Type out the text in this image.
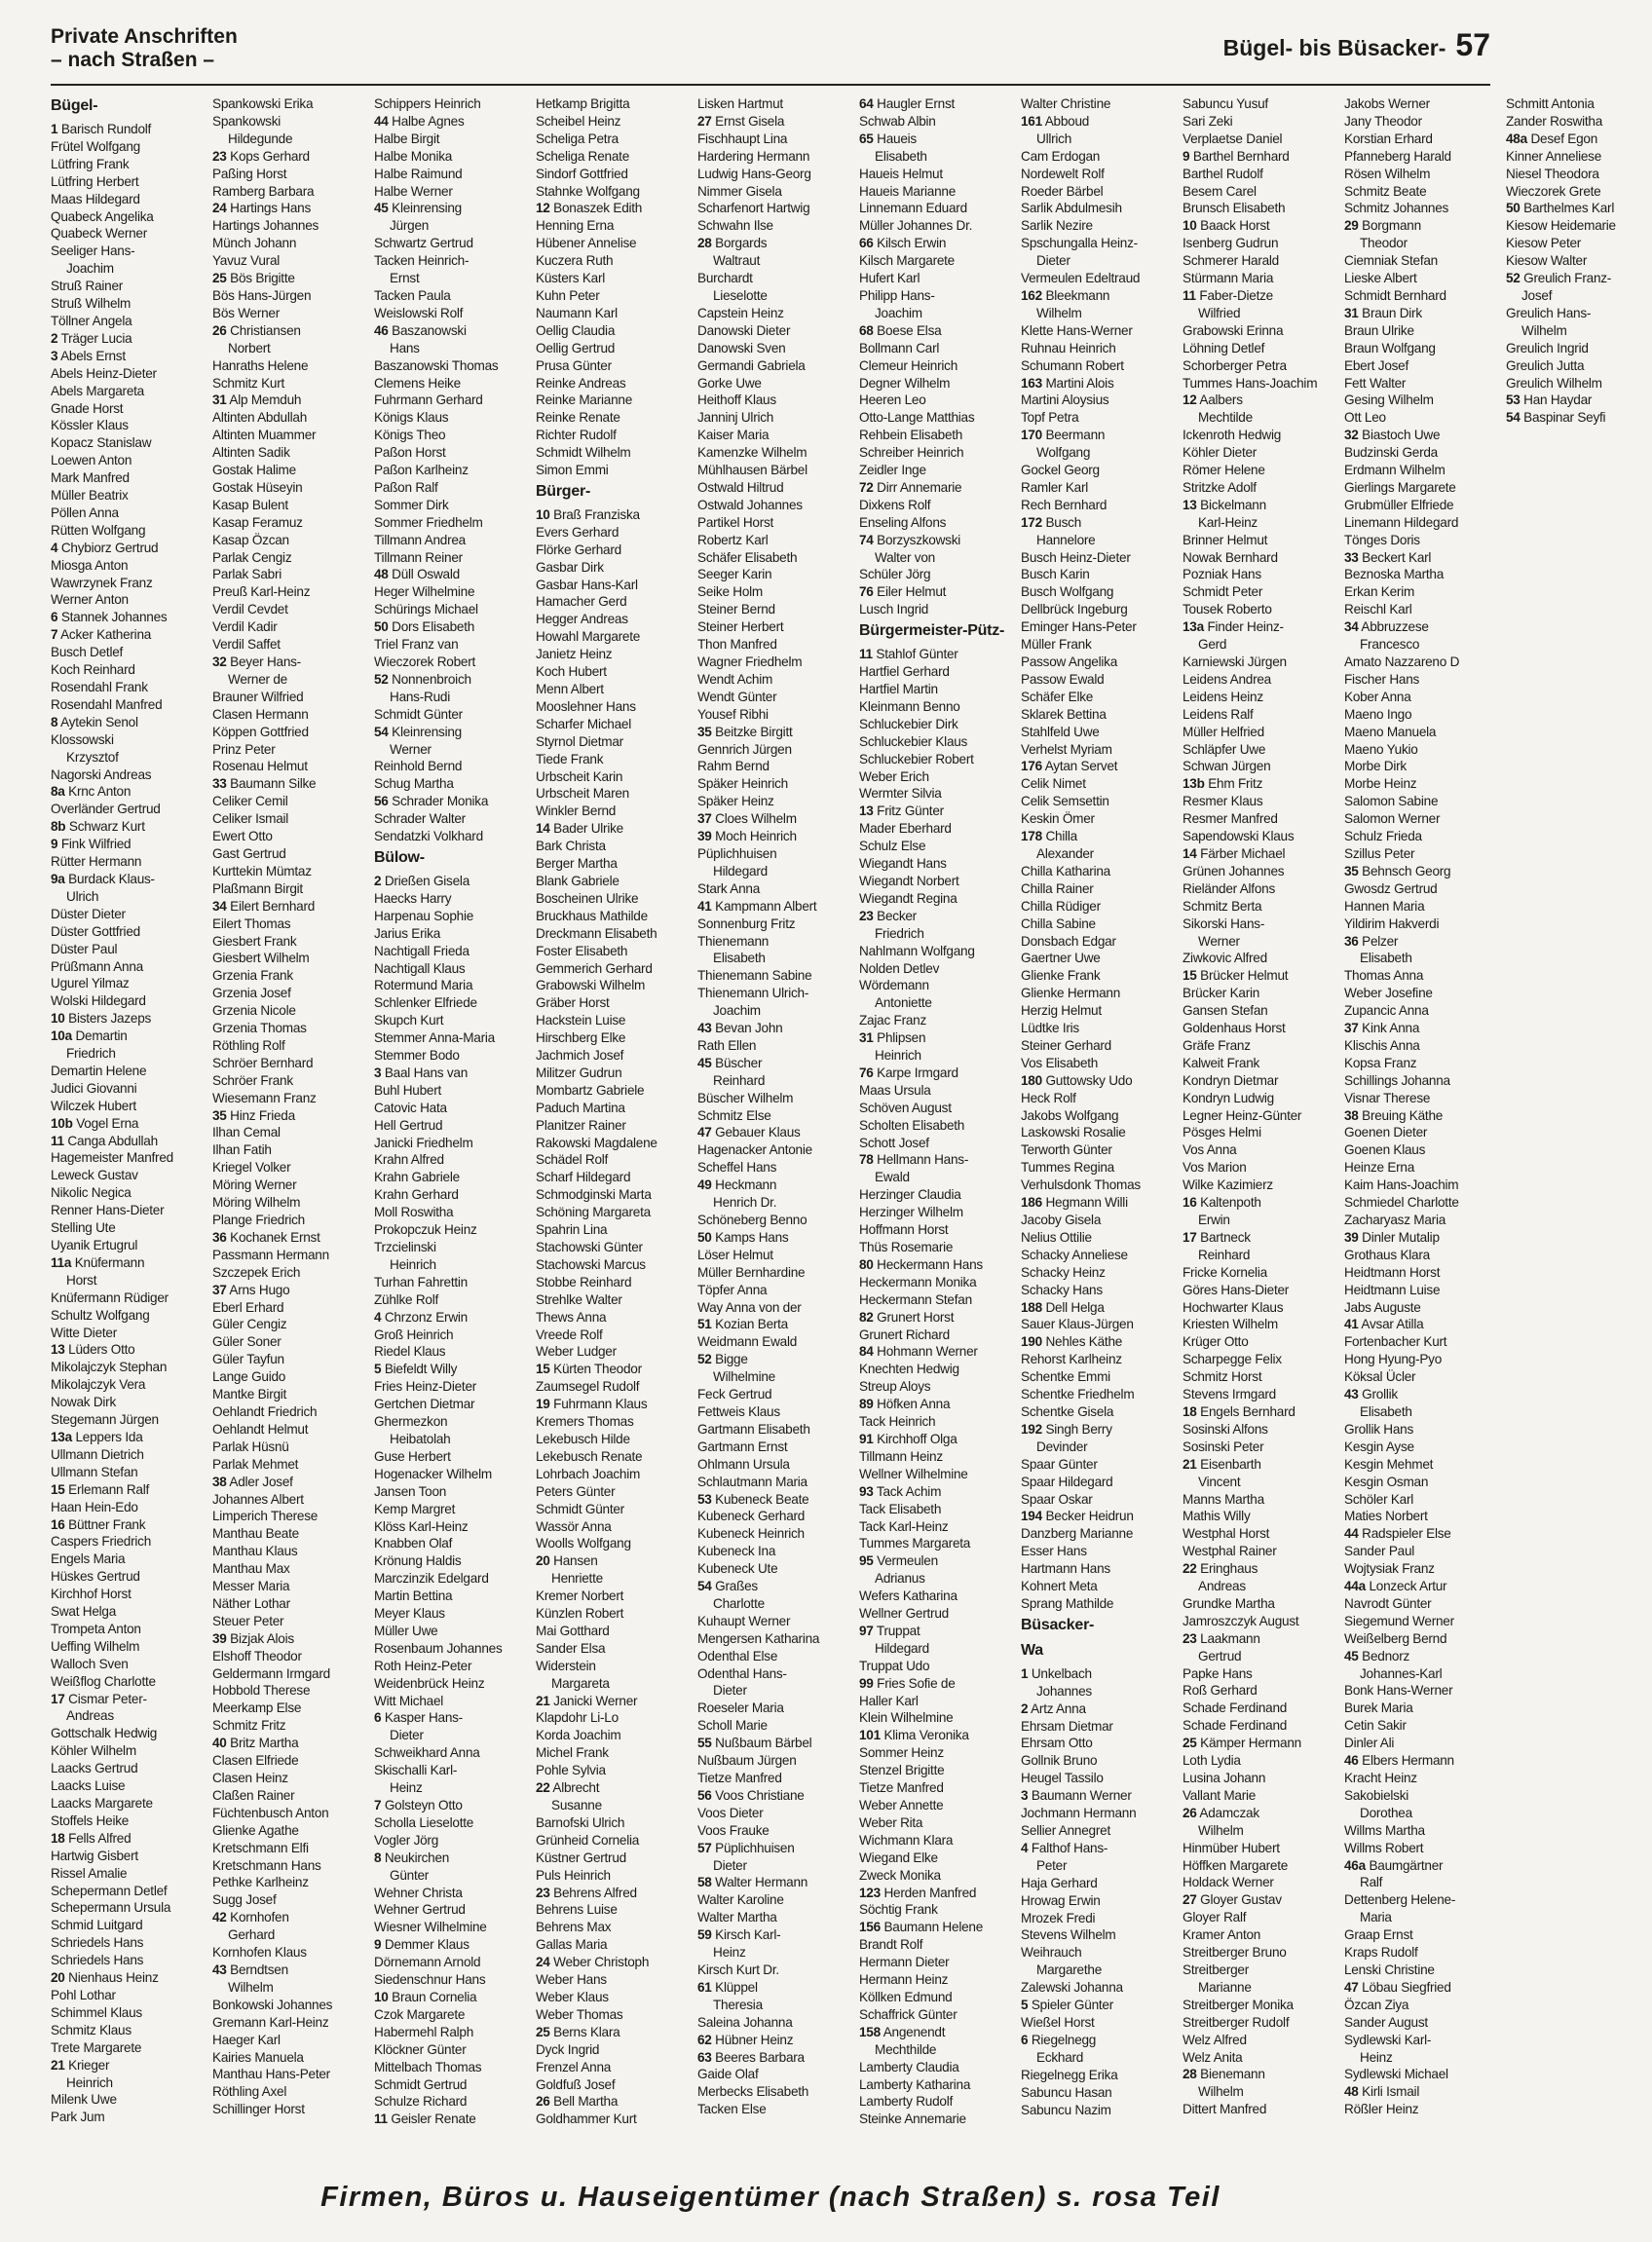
Private Anschriften
– nach Straßen –	Bügel- bis Büsacker- 57
Bügel-
1 Barisch Rundolf
Frütel Wolfgang
Lütfring Frank
Lütfring Herbert
Maas Hildegard
Quabeck Angelika
Quabeck Werner
Seeliger Hans-
Joachim
Struß Rainer
Struß Wilhelm
Töllner Angela
2 Träger Lucia
3 Abels Ernst
Abels Heinz-Dieter
Abels Margareta
Gnade Horst
Kössler Klaus
Kopacz Stanislaw
Loewen Anton
Mark Manfred
Müller Beatrix
Pöllen Anna
Rütten Wolfgang
4 Chybiorz Gertrud
Miosga Anton
Wawrzynek Franz
Werner Anton
6 Stannek Johannes
7 Acker Katherina
Busch Detlef
Koch Reinhard
Rosendahl Frank
Rosendahl Manfred
8 Aytekin Senol
Klossowski
Krzysztof
Nagorski Andreas
8a Krnc Anton
Overländer Gertrud
8b Schwarz Kurt
9 Fink Wilfried
Rütter Hermann
9a Burdack Klaus-
Ulrich
Düster Dieter
Düster Gottfried
Düster Paul
Prüßmann Anna
Ugurel Yilmaz
Wolski Hildegard
10 Bisters Jazeps
10a Demartin
Friedrich
Demartin Helene
Judici Giovanni
Wilczek Hubert
10b Vogel Erna
11 Canga Abdullah
Hagemeister Manfred
Leweck Gustav
Nikolic Negica
Renner Hans-Dieter
Stelling Ute
Uyanik Ertugrul
11a Knüfermann
Horst
Knüfermann Rüdiger
Schultz Wolfgang
Witte Dieter
13 Lüders Otto
Mikolajczyk Stephan
Mikolajczyk Vera
Nowak Dirk
Stegemann Jürgen
13a Leppers Ida
Ullmann Dietrich
Ullmann Stefan
15 Erlemann Ralf
Haan Hein-Edo
16 Büttner Frank
Caspers Friedrich
Engels Maria
Hüskes Gertrud
Kirchhof Horst
Swat Helga
Trompeta Anton
Ueffing Wilhelm
Walloch Sven
Weißflog Charlotte
17 Cismar Peter-
Andreas
Gottschalk Hedwig
Köhler Wilhelm
Laacks Gertrud
Laacks Luise
Laacks Margarete
Stoffels Heike
18 Fells Alfred
Hartwig Gisbert
Rissel Amalie
Schepermann Detlef
Schepermann Ursula
Schmid Luitgard
Schriedels Hans
Schriedels Hans
20 Nienhaus Heinz
Pohl Lothar
Schimmel Klaus
Schmitz Klaus
Trete Margarete
21 Krieger
Heinrich
Milenk Uwe
Park Jum
Spankowski Erika
Spankowski
Hildegunde
23 Kops Gerhard
Paßing Horst
Ramberg Barbara
24 Hartings Hans
Hartings Johannes
Münch Johann
Yavuz Vural
25 Bös Brigitte
Bös Hans-Jürgen
Bös Werner
26 Christiansen
Norbert
Hanraths Helene
Schmitz Kurt
31 Alp Memduh
Altinten Abdullah
Altinten Muammer
Altinten Sadik
Gostak Halime
Gostak Hüseyin
Kasap Bulent
Kasap Feramuz
Kasap Özcan
Parlak Cengiz
Parlak Sabri
Preuß Karl-Heinz
Verdil Cevdet
Verdil Kadir
Verdil Saffet
32 Beyer Hans-
Werner de
Brauner Wilfried
Clasen Hermann
Köppen Gottfried
Prinz Peter
Rosenau Helmut
33 Baumann Silke
Celiker Cemil
Celiker Ismail
Ewert Otto
Gast Gertrud
Kurttekin Mümtaz
Plaßmann Birgit
34 Eilert Bernhard
Eilert Thomas
Giesbert Frank
Giesbert Wilhelm
Grzenia Frank
Grzenia Josef
Grzenia Nicole
Grzenia Thomas
Röthling Rolf
Schröer Bernhard
Schröer Frank
Wiesemann Franz
35 Hinz Frieda
Ilhan Cemal
Ilhan Fatih
Kriegel Volker
Möring Werner
Möring Wilhelm
Plange Friedrich
36 Kochanek Ernst
Passmann Hermann
Szczepek Erich
37 Arns Hugo
Eberl Erhard
Güler Cengiz
Güler Soner
Güler Tayfun
Lange Guido
Mantke Birgit
Oehlandt Friedrich
Oehlandt Helmut
Parlak Hüsnü
Parlak Mehmet
38 Adler Josef
Johannes Albert
Limperich Therese
Manthau Beate
Manthau Klaus
Manthau Max
Messer Maria
Näther Lothar
Steuer Peter
39 Bizjak Alois
Elshoff Theodor
Geldermann Irmgard
Hobbold Therese
Meerkamp Else
Schmitz Fritz
40 Britz Martha
Clasen Elfriede
Clasen Heinz
Claßen Rainer
Füchtenbusch Anton
Glienke Agathe
Kretschmann Elfi
Kretschmann Hans
Pethke Karlheinz
Sugg Josef
42 Kornhofen
Gerhard
Kornhofen Klaus
43 Berndtsen
Wilhelm
Bonkowski Johannes
Gremann Karl-Heinz
Haeger Karl
Kairies Manuela
Manthau Hans-Peter
Röthling Axel
Schillinger Horst
Schippers Heinrich
44 Halbe Agnes
Halbe Birgit
Halbe Monika
Halbe Raimund
Halbe Werner
45 Kleinrensing
Jürgen
Schwartz Gertrud
Tacken Heinrich-
Ernst
Tacken Paula
Weislowski Rolf
46 Baszanowski
Hans
Baszanowski Thomas
Clemens Heike
Fuhrmann Gerhard
Königs Klaus
Königs Theo
Paßon Horst
Paßon Karlheinz
Paßon Ralf
Sommer Dirk
Sommer Friedhelm
Tillmann Andrea
Tillmann Reiner
48 Düll Oswald
Heger Wilhelmine
Schürings Michael
50 Dors Elisabeth
Triel Franz van
Wieczorek Robert
52 Nonnenbroich
Hans-Rudi
Schmidt Günter
54 Kleinrensing
Werner
Reinhold Bernd
Schug Martha
56 Schrader Monika
Schrader Walter
Sendatzki Volkhard
Bülow-
2 Drießen Gisela
Haecks Harry
Harpenau Sophie
Jarius Erika
Nachtigall Frieda
Nachtigall Klaus
Rotermund Maria
Schlenker Elfriede
Skupch Kurt
Stemmer Anna-Maria
Stemmer Bodo
3 Baal Hans van
Buhl Hubert
Catovic Hata
Hell Gertrud
Janicki Friedhelm
Krahn Alfred
Krahn Gabriele
Krahn Gerhard
Moll Roswitha
Prokopczuk Heinz
Trzcielinski
Heinrich
Turhan Fahrettin
Zühlke Rolf
4 Chrzonz Erwin
Groß Heinrich
Riedel Klaus
5 Biefeldt Willy
Fries Heinz-Dieter
Gertchen Dietmar
Ghermezkon
Heibatolah
Guse Herbert
Hogenacker Wilhelm
Jansen Toon
Kemp Margret
Klöss Karl-Heinz
Knabben Olaf
Krönung Haldis
Marczinzik Edelgard
Martin Bettina
Meyer Klaus
Müller Uwe
Rosenbaum Johannes
Roth Heinz-Peter
Weidenbrück Heinz
Witt Michael
6 Kasper Hans-
Dieter
Schweikhard Anna
Skischalli Karl-
Heinz
7 Golsteyn Otto
Scholla Lieselotte
Vogler Jörg
8 Neukirchen
Günter
Wehner Christa
Wehner Gertrud
Wiesner Wilhelmine
9 Demmer Klaus
Dörnemann Arnold
Siedenschnur Hans
10 Braun Cornelia
Czok Margarete
Habermehl Ralph
Klöckner Günter
Mittelbach Thomas
Schmidt Gertrud
Schulze Richard
11 Geisler Renate
Hetkamp Brigitta
Scheibel Heinz
Scheliga Petra
Scheliga Renate
Sindorf Gottfried
Stahnke Wolfgang
12 Bonaszek Edith
Henning Erna
Hübener Annelise
Kuczera Ruth
Küsters Karl
Kuhn Peter
Naumann Karl
Oellig Claudia
Oellig Gertrud
Prusa Günter
Reinke Andreas
Reinke Marianne
Reinke Renate
Richter Rudolf
Schmidt Wilhelm
Simon Emmi
Bürger-
10 Braß Franziska
Evers Gerhard
Flörke Gerhard
Gasbar Dirk
Gasbar Hans-Karl
Hamacher Gerd
Hegger Andreas
Howahl Margarete
Janietz Heinz
Koch Hubert
Menn Albert
Mooslehner Hans
Scharfer Michael
Styrnol Dietmar
Tiede Frank
Urbscheit Karin
Urbscheit Maren
Winkler Bernd
14 Bader Ulrike
Bark Christa
Berger Martha
Blank Gabriele
Boscheinen Ulrike
Bruckhaus Mathilde
Dreckmann Elisabeth
Foster Elisabeth
Gemmerich Gerhard
Grabowski Wilhelm
Gräber Horst
Hackstein Luise
Hirschberg Elke
Jachmich Josef
Militzer Gudrun
Mombartz Gabriele
Paduch Martina
Planitzer Rainer
Rakowski Magdalene
Schädel Rolf
Scharf Hildegard
Schmodginski Marta
Schöning Margareta
Spahrin Lina
Stachowski Günter
Stachowski Marcus
Stobbe Reinhard
Strehlke Walter
Thews Anna
Vreede Rolf
Weber Ludger
15 Kürten Theodor
Zaumsegel Rudolf
19 Fuhrmann Klaus
Kremers Thomas
Lekebusch Hilde
Lekebusch Renate
Lohrbach Joachim
Peters Günter
Schmidt Günter
Wassör Anna
Woolls Wolfgang
20 Hansen
Henriette
Kremer Norbert
Künzlen Robert
Mai Gotthard
Sander Elsa
Widerstein
Margareta
21 Janicki Werner
Klapdohr Li-Lo
Korda Joachim
Michel Frank
Pohle Sylvia
22 Albrecht
Susanne
Barnofski Ulrich
Grünheid Cornelia
Küstner Gertrud
Puls Heinrich
23 Behrens Alfred
Behrens Luise
Behrens Max
Gallas Maria
24 Weber Christoph
Weber Hans
Weber Klaus
Weber Thomas
25 Berns Klara
Dyck Ingrid
Frenzel Anna
Goldfuß Josef
26 Bell Martha
Goldhammer Kurt
Lisken Hartmut
27 Ernst Gisela
Fischhaupt Lina
Hardering Hermann
Ludwig Hans-Georg
Nimmer Gisela
Scharfenort Hartwig
Schwahn Ilse
28 Borgards
Waltraut
Burchardt
Lieselotte
Capstein Heinz
Danowski Dieter
Danowski Sven
Germandi Gabriela
Gorke Uwe
Heithoff Klaus
Janninj Ulrich
Kaiser Maria
Kamenzke Wilhelm
Mühlhausen Bärbel
Ostwald Hiltrud
Ostwald Johannes
Partikel Horst
Robertz Karl
Schäfer Elisabeth
Seeger Karin
Seike Holm
Steiner Bernd
Steiner Herbert
Thon Manfred
Wagner Friedhelm
Wendt Achim
Wendt Günter
Yousef Ribhi
35 Beitzke Birgitt
Gennrich Jürgen
Rahm Bernd
Späker Heinrich
Späker Heinz
37 Cloes Wilhelm
39 Moch Heinrich
Püplichhuisen
Hildegard
Stark Anna
41 Kampmann Albert
Sonnenburg Fritz
Thienemann
Elisabeth
Thienemann Sabine
Thienemann Ulrich-
Joachim
43 Bevan John
Rath Ellen
45 Büscher
Reinhard
Büscher Wilhelm
Schmitz Else
47 Gebauer Klaus
Hagenacker Antonie
Scheffel Hans
49 Heckmann
Henrich Dr.
Schöneberg Benno
50 Kamps Hans
Löser Helmut
Müller Bernhardine
Töpfer Anna
Way Anna von der
51 Kozian Berta
Weidmann Ewald
52 Bigge
Wilhelmine
Feck Gertrud
Fettweis Klaus
Gartmann Elisabeth
Gartmann Ernst
Ohlmann Ursula
Schlautmann Maria
53 Kubeneck Beate
Kubeneck Gerhard
Kubeneck Heinrich
Kubeneck Ina
Kubeneck Ute
54 Graßes
Charlotte
Kuhaupt Werner
Mengersen Katharina
Odenthal Else
Odenthal Hans-
Dieter
Roeseler Maria
Scholl Marie
55 Nußbaum Bärbel
Nußbaum Jürgen
Tietze Manfred
56 Voos Christiane
Voos Dieter
Voos Frauke
57 Püplichhuisen
Dieter
58 Walter Hermann
Walter Karoline
Walter Martha
59 Kirsch Karl-
Heinz
Kirsch Kurt Dr.
61 Klüppel
Theresia
Saleina Johanna
62 Hübner Heinz
63 Beeres Barbara
Gaide Olaf
Merbecks Elisabeth
Tacken Else
64 Haugler Ernst
Schwab Albin
65 Haueis
Elisabeth
Haueis Helmut
Haueis Marianne
Linnemann Eduard
Müller Johannes Dr.
66 Kilsch Erwin
Kilsch Margarete
Hufert Karl
Philipp Hans-
Joachim
68 Boese Elsa
Bollmann Carl
Clemeur Heinrich
Degner Wilhelm
Heeren Leo
Otto-Lange Matthias
Rehbein Elisabeth
Schreiber Heinrich
Zeidler Inge
72 Dirr Annemarie
Dixkens Rolf
Enseling Alfons
74 Borzyszkowski
Walter von
Schüler Jörg
76 Eiler Helmut
Lusch Ingrid
Bürgermeister-Pütz-
11 Stahlof Günter
Hartfiel Gerhard
Hartfiel Martin
Kleinmann Benno
Schluckebier Dirk
Schluckebier Klaus
Schluckebier Robert
Weber Erich
Wermter Silvia
13 Fritz Günter
Mader Eberhard
Schulz Else
Wiegandt Hans
Wiegandt Norbert
Wiegandt Regina
23 Becker
Friedrich
Nahlmann Wolfgang
Nolden Detlev
Wördemann
Antoniette
Zajac Franz
31 Phlipsen
Heinrich
76 Karpe Irmgard
Maas Ursula
Schöven August
Scholten Elisabeth
Schott Josef
78 Hellmann Hans-
Ewald
Herzinger Claudia
Herzinger Wilhelm
Hoffmann Horst
Thüs Rosemarie
80 Heckermann Hans
Heckermann Monika
Heckermann Stefan
82 Grunert Horst
Grunert Richard
84 Hohmann Werner
Knechten Hedwig
Streup Aloys
89 Höfken Anna
Tack Heinrich
91 Kirchhoff Olga
Tillmann Heinz
Wellner Wilhelmine
93 Tack Achim
Tack Elisabeth
Tack Karl-Heinz
Tummes Margareta
95 Vermeulen
Adrianus
Wefers Katharina
Wellner Gertrud
97 Truppat
Hildegard
Truppat Udo
99 Fries Sofie de
Haller Karl
Klein Wilhelmine
101 Klima Veronika
Sommer Heinz
Stenzel Brigitte
Tietze Manfred
Weber Annette
Weber Rita
Wichmann Klara
Wiegand Elke
Zweck Monika
123 Herden Manfred
Söchtig Frank
156 Baumann Helene
Brandt Rolf
Hermann Dieter
Hermann Heinz
Köllken Edmund
Schaffrick Günter
158 Angenendt
Mechthilde
Lamberty Claudia
Lamberty Katharina
Lamberty Rudolf
Steinke Annemarie
Walter Christine
161 Abboud
Ullrich
Cam Erdogan
Nordewelt Rolf
Roeder Bärbel
Sarlik Abdulmesih
Sarlik Nezire
Spschungalla Heinz-
Dieter
Vermeulen Edeltraud
162 Bleekmann
Wilhelm
Klette Hans-Werner
Ruhnau Heinrich
Schumann Robert
163 Martini Alois
Martini Aloysius
Topf Petra
170 Beermann
Wolfgang
Gockel Georg
Ramler Karl
Rech Bernhard
172 Busch
Hannelore
Busch Heinz-Dieter
Busch Karin
Busch Wolfgang
Dellbrück Ingeburg
Eminger Hans-Peter
Müller Frank
Passow Angelika
Passow Ewald
Schäfer Elke
Sklarek Bettina
Stahlfeld Uwe
Verhelst Myriam
176 Aytan Servet
Celik Nimet
Celik Semsettin
Keskin Ömer
178 Chilla
Alexander
Chilla Katharina
Chilla Rainer
Chilla Rüdiger
Chilla Sabine
Donsbach Edgar
Gaertner Uwe
Glienke Frank
Glienke Hermann
Herzig Helmut
Lüdtke Iris
Steiner Gerhard
Vos Elisabeth
180 Guttowsky Udo
Heck Rolf
Jakobs Wolfgang
Laskowski Rosalie
Terworth Günter
Tummes Regina
Verhulsdonk Thomas
186 Hegmann Willi
Jacoby Gisela
Nelius Ottilie
Schacky Anneliese
Schacky Heinz
Schacky Hans
188 Dell Helga
Sauer Klaus-Jürgen
190 Nehles Käthe
Rehorst Karlheinz
Schentke Emmi
Schentke Friedhelm
Schentke Gisela
192 Singh Berry
Devinder
Spaar Günter
Spaar Hildegard
Spaar Oskar
194 Becker Heidrun
Danzberg Marianne
Esser Hans
Hartmann Hans
Kohnert Meta
Sprang Mathilde
Büsacker-
Wa
1 Unkelbach
Johannes
2 Artz Anna
Ehrsam Dietmar
Ehrsam Otto
Gollnik Bruno
Heugel Tassilo
3 Baumann Werner
Jochmann Hermann
Sellier Annegret
4 Falthof Hans-
Peter
Haja Gerhard
Hrowag Erwin
Mrozek Fredi
Stevens Wilhelm
Weihrauch
Margarethe
Zalewski Johanna
5 Spieler Günter
Wießel Horst
6 Riegelnegg
Eckhard
Riegelnegg Erika
Sabuncu Hasan
Sabuncu Nazim
Sabuncu Yusuf
Sari Zeki
Verplaetse Daniel
9 Barthel Bernhard
Barthel Rudolf
Besem Carel
Brunsch Elisabeth
10 Baack Horst
Isenberg Gudrun
Schmerer Harald
Stürmann Maria
11 Faber-Dietze
Wilfried
Grabowski Erinna
Löhning Detlef
Schorberger Petra
Tummes Hans-Joachim
12 Aalbers
Mechtilde
Ickenroth Hedwig
Köhler Dieter
Römer Helene
Stritzke Adolf
13 Bickelmann
Karl-Heinz
Brinner Helmut
Nowak Bernhard
Pozniak Hans
Schmidt Peter
Tousek Roberto
13a Finder Heinz-
Gerd
Karniewski Jürgen
Leidens Andrea
Leidens Heinz
Leidens Ralf
Müller Helfried
Schläpfer Uwe
Schwan Jürgen
13b Ehm Fritz
Resmer Klaus
Resmer Manfred
Sapendowski Klaus
14 Färber Michael
Grünen Johannes
Rieländer Alfons
Schmitz Berta
Sikorski Hans-
Werner
Ziwkovic Alfred
15 Brücker Helmut
Brücker Karin
Gansen Stefan
Goldenhaus Horst
Gräfe Franz
Kalweit Frank
Kondryn Dietmar
Kondryn Ludwig
Legner Heinz-Günter
Pösges Helmi
Vos Anna
Vos Marion
Wilke Kazimierz
16 Kaltenpoth
Erwin
17 Bartneck
Reinhard
Fricke Kornelia
Göres Hans-Dieter
Hochwarter Klaus
Kriesten Wilhelm
Krüger Otto
Scharpegge Felix
Schmitz Horst
Stevens Irmgard
18 Engels Bernhard
Sosinski Alfons
Sosinski Peter
21 Eisenbarth
Vincent
Manns Martha
Mathis Willy
Westphal Horst
Westphal Rainer
22 Eringhaus
Andreas
Grundke Martha
Jamroszczyk August
23 Laakmann
Gertrud
Papke Hans
Roß Gerhard
Schade Ferdinand
Schade Ferdinand
25 Kämper Hermann
Loth Lydia
Lusina Johann
Vallant Marie
26 Adamczak
Wilhelm
Hinmüber Hubert
Höffken Margarete
Holdack Werner
27 Gloyer Gustav
Gloyer Ralf
Kramer Anton
Streitberger Bruno
Streitberger
Marianne
Streitberger Monika
Streitberger Rudolf
Welz Alfred
Welz Anita
28 Bienemann
Wilhelm
Dittert Manfred
Jakobs Werner
Jany Theodor
Korstian Erhard
Pfanneberg Harald
Rösen Wilhelm
Schmitz Beate
Schmitz Johannes
29 Borgmann
Theodor
Ciemniak Stefan
Lieske Albert
Schmidt Bernhard
31 Braun Dirk
Braun Ulrike
Braun Wolfgang
Ebert Josef
Fett Walter
Gesing Wilhelm
Ott Leo
32 Biastoch Uwe
Budzinski Gerda
Erdmann Wilhelm
Gierlings Margarete
Grubmüller Elfriede
Linemann Hildegard
Tönges Doris
33 Beckert Karl
Beznoska Martha
Erkan Kerim
Reischl Karl
34 Abbruzzese
Francesco
Amato Nazzareno D
Fischer Hans
Kober Anna
Maeno Ingo
Maeno Manuela
Maeno Yukio
Morbe Dirk
Morbe Heinz
Salomon Sabine
Salomon Werner
Schulz Frieda
Szillus Peter
35 Behnsch Georg
Gwosdz Gertrud
Hannen Maria
Yildirim Hakverdi
36 Pelzer
Elisabeth
Thomas Anna
Weber Josefine
Zupancic Anna
37 Kink Anna
Klischis Anna
Kopsa Franz
Schillings Johanna
Visnar Therese
38 Breuing Käthe
Goenen Dieter
Goenen Klaus
Heinze Erna
Kaim Hans-Joachim
Schmiedel Charlotte
Zacharyasz Maria
39 Dinler Mutalip
Grothaus Klara
Heidtmann Horst
Heidtmann Luise
Jabs Auguste
41 Avsar Atilla
Fortenbacher Kurt
Hong Hyung-Pyo
Köksal Ücler
43 Grollik
Elisabeth
Grollik Hans
Kesgin Ayse
Kesgin Mehmet
Kesgin Osman
Schöler Karl
Maties Norbert
44 Radspieler Else
Sander Paul
Wojtysiak Franz
44a Lonzeck Artur
Navrodt Günter
Siegemund Werner
Weißelberg Bernd
45 Bednorz
Johannes-Karl
Bonk Hans-Werner
Burek Maria
Cetin Sakir
Dinler Ali
46 Elbers Hermann
Kracht Heinz
Sakobielski
Dorothea
Willms Martha
Willms Robert
46a Baumgärtner
Ralf
Dettenberg Helene-
Maria
Graap Ernst
Kraps Rudolf
Lenski Christine
47 Löbau Siegfried
Özcan Ziya
Sander August
Sydlewski Karl-
Heinz
Sydlewski Michael
48 Kirli Ismail
Rößler Heinz
Schmitt Antonia
Zander Roswitha
48a Desef Egon
Kinner Anneliese
Niesel Theodora
Wieczorek Grete
50 Barthelmes Karl
Kiesow Heidemarie
Kiesow Peter
Kiesow Walter
52 Greulich Franz-
Josef
Greulich Hans-
Wilhelm
Greulich Ingrid
Greulich Jutta
Greulich Wilhelm
53 Han Haydar
54 Baspinar Seyfi
Firmen, Büros u. Hauseigentümer (nach Straßen) s. rosa Teil
